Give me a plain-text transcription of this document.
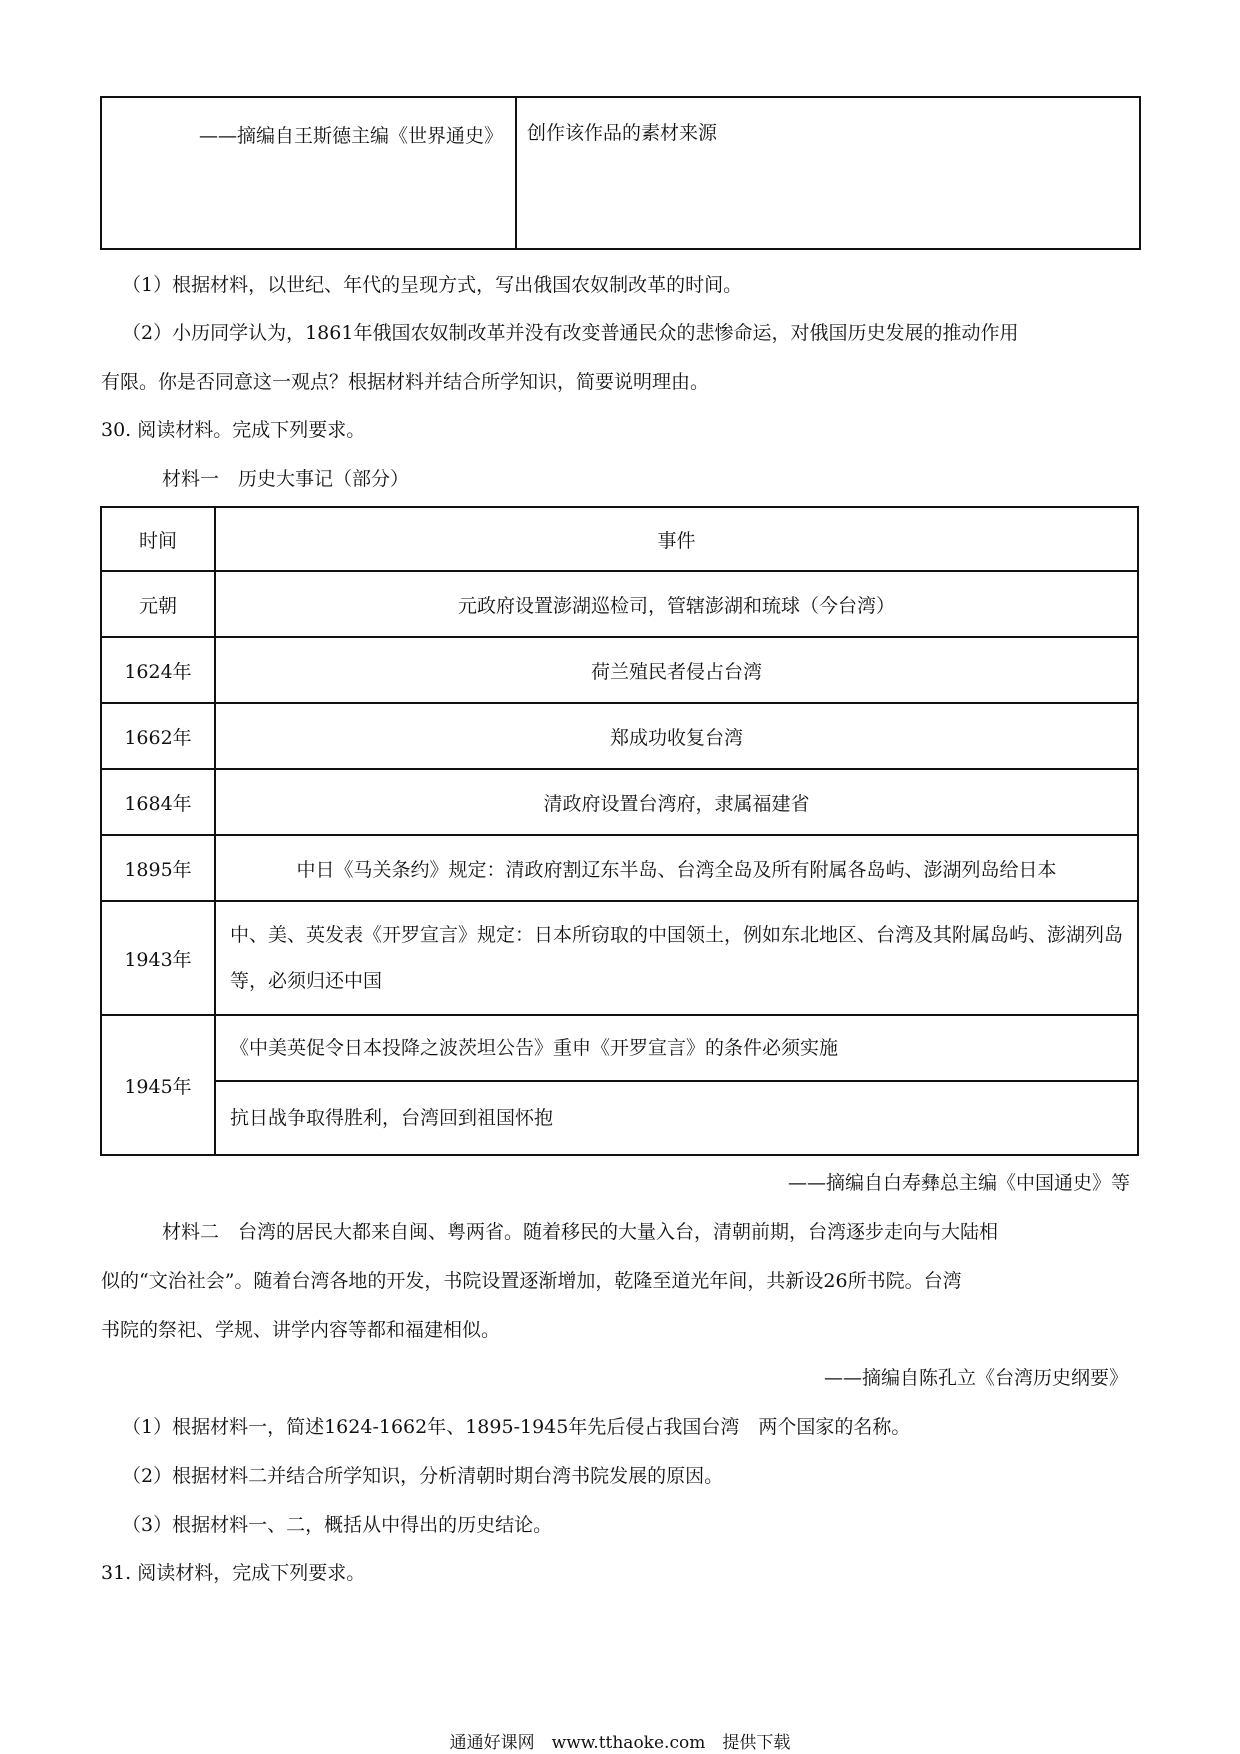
——摘编自王斯德主编《世界通史》	创作该作品的素材来源
（1）根据材料，以世纪、年代的呈现方式，写出俄国农奴制改革的时间。
（2）小历同学认为，1861年俄国农奴制改革并没有改变普通民众的悲惨命运，对俄国历史发展的推动作用
有限。你是否同意这一观点？根据材料并结合所学知识，简要说明理由。
30. 阅读材料。完成下列要求。
材料一　历史大事记（部分）
时间	事件
元朝	元政府设置澎湖巡检司，管辖澎湖和琉球（今台湾）
1624年	荷兰殖民者侵占台湾
1662年	郑成功收复台湾
1684年	清政府设置台湾府，隶属福建省
1895年	中日《马关条约》规定：清政府割辽东半岛、台湾全岛及所有附属各岛屿、澎湖列岛给日本
1943年	中、美、英发表《开罗宣言》规定：日本所窃取的中国领土，例如东北地区、台湾及其附属岛屿、澎湖列岛等，必须归还中国
1945年	《中美英促令日本投降之波茨坦公告》重申《开罗宣言》的条件必须实施
	抗日战争取得胜利，台湾回到祖国怀抱
——摘编自白寿彝总主编《中国通史》等
材料二　台湾的居民大都来自闽、粤两省。随着移民的大量入台，清朝前期，台湾逐步走向与大陆相
似的“文治社会”。随着台湾各地的开发，书院设置逐渐增加，乾隆至道光年间，共新设26所书院。台湾
书院的祭祀、学规、讲学内容等都和福建相似。
——摘编自陈孔立《台湾历史纲要》
（1）根据材料一，简述1624-1662年、1895-1945年先后侵占我国台湾　两个国家的名称。
（2）根据材料二并结合所学知识，分析清朝时期台湾书院发展的原因。
（3）根据材料一、二，概括从中得出的历史结论。
31. 阅读材料，完成下列要求。
通通好课网　www.tthaoke.com　提供下载
